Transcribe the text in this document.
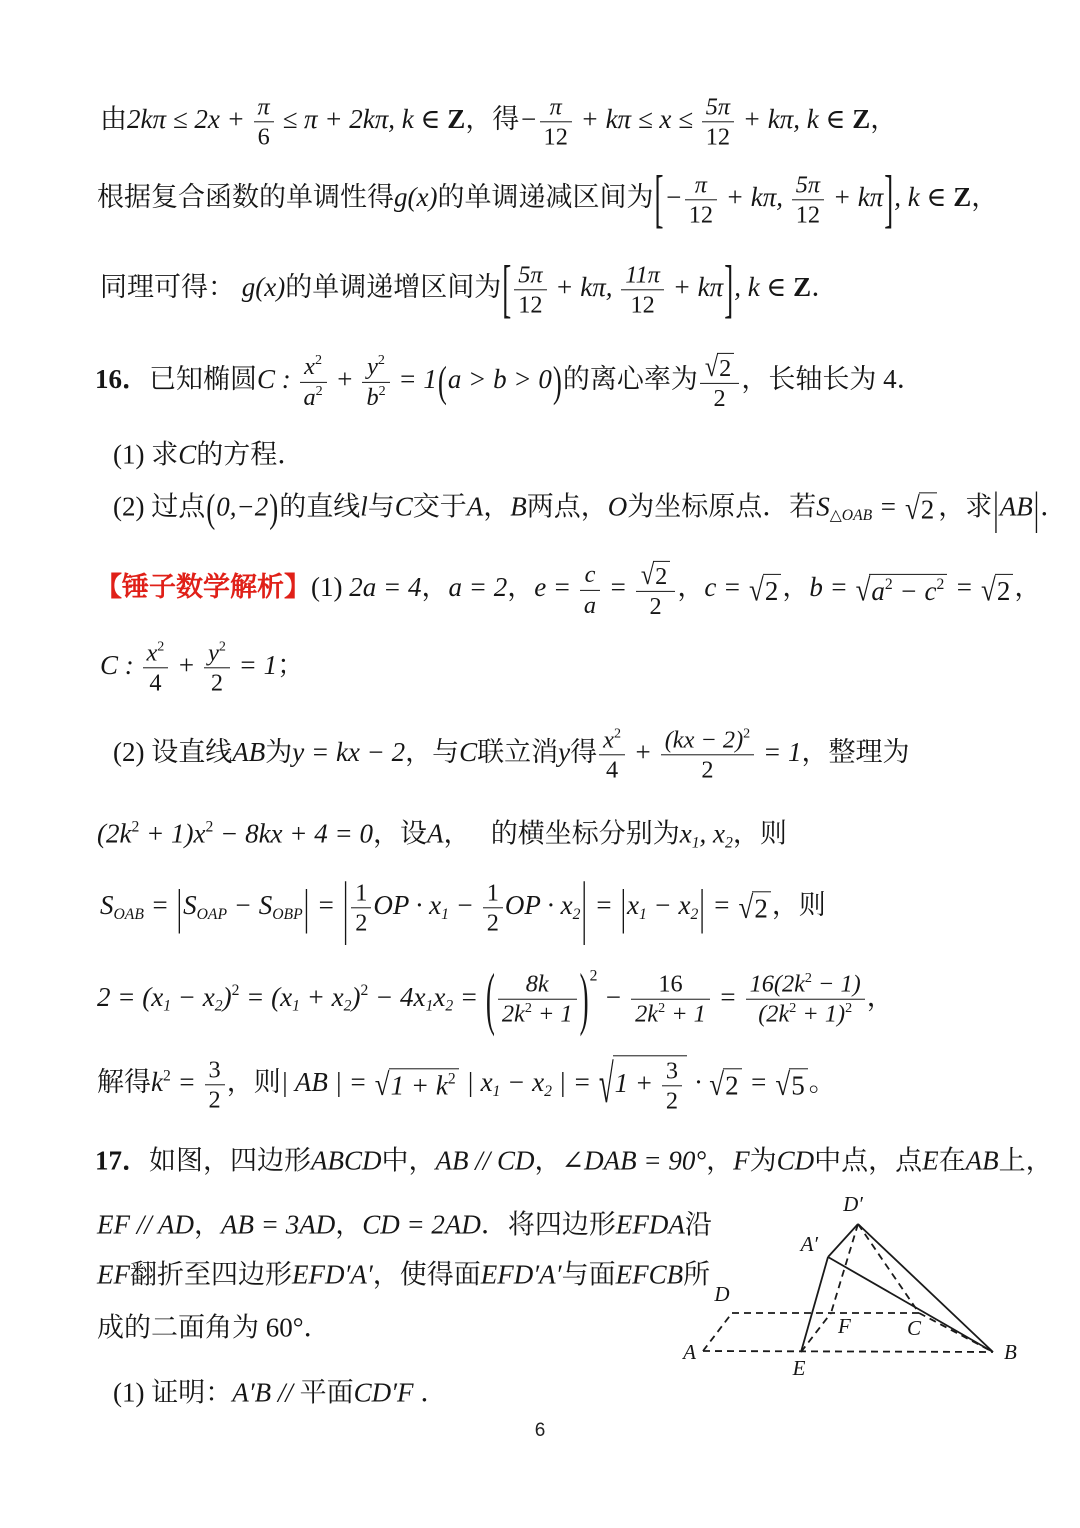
由$2k\pi \le 2x + \frac{\pi}{6} \le \pi + 2k\pi$, k ∈ Z，得− $\frac{\pi}{12} + k\pi \le x \le \frac{5\pi}{12} + k\pi$, k ∈ Z，
根据复合函数的单调性得g(x)的单调递减区间为[− $\frac{\pi}{12} + k\pi$, $\frac{5\pi}{12} + k\pi$], k ∈ Z，
同理可得： g(x)的单调递增区间为[ $\frac{5\pi}{12} + k\pi$, $\frac{11\pi}{12} + k\pi$], k ∈ Z．
16．已知椭圆C : $\frac{x^2}{a^2} + \frac{y^2}{b^2} = 1(a > b > 0)$的离心率为 $\frac{√ 2}{2}$ ，长轴长为 4．
(1) 求C的方程．
(2) 过点(0,−2)的直线l与C交于A，B两点，O为坐标原点．若$S_{\triangle OAB}$ = √ 2 ，求|AB|．
【锤子数学解析】(1) 2a = 4，a = 2，$e = \frac{c}{a} = \frac{√ 2}{2}$ ，c = √ 2 ，b = √ $a^2 - c^2$ = √ 2 ，
C : $\frac{x^2}{4} + \frac{y^2}{2} = 1$；
(2) 设直线AB为y = kx − 2，与C联立消y得 $\frac{x^2}{4} + \frac{(kx - 2)^2}{2} = 1$，整理为
$(2k^2 + 1)x^2 - 8kx + 4 = 0$，设A，　 的横坐标分别为$x_1$, $x_2$，则
$S_{OAB} = |S_{OAP} - S_{OBP}|$ = | $\frac{1}{2}$ OP · $x_1 - \frac{1}{2}$ OP · $x_2| = |x_1 - x_2|$ = √ 2 ，则
$2 = (x_1 - x_2)^2 = (x_1 + x_2)^2 - 4x_1x_2$ = ( $\frac{8k}{2k^2 + 1} )^2 - \frac{16}{2k^2 + 1} = \frac{16(2k^2 - 1)}{(2k^2 + 1)^2}$ ，
解得$k^2 = \frac{3}{2}$ ，则| AB | = √ $1 + k^2$ | $x_1 - x_2$ | = √ $1 + \frac{3}{2}$ · √ 2 = √ 5 。
17．如图，四边形ABCD中，AB // CD，∠DAB = 90°，F为CD中点，点E在AB上，
EF // AD，AB = 3AD，CD = 2AD．将四边形EFDA沿
EF翻折至四边形EFD′A′，使得面EFD′A′与面EFCB所
成的二面角为 60°．
(1) 证明：A′B // 平面CD′F ．
D′
A′
D
F	C
A
E
B
6
